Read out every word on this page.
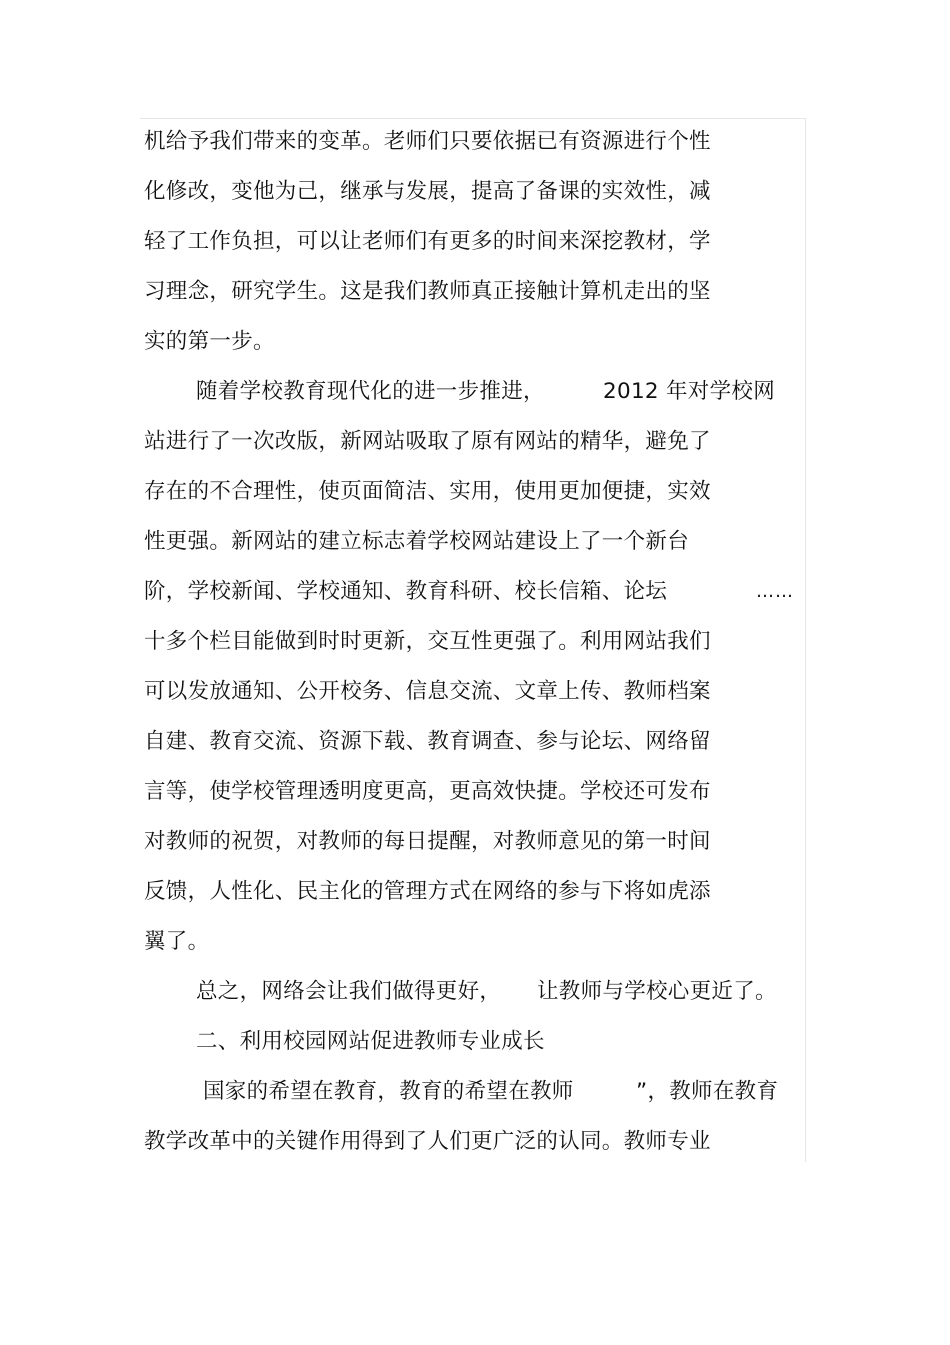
机给予我们带来的变革。老师们只要依据已有资源进行个性
化修改，变他为己，继承与发展，提高了备课的实效性，减
轻了工作负担，可以让老师们有更多的时间来深挖教材，学
习理念，研究学生。这是我们教师真正接触计算机走出的坚
实的第一步。

随着学校教育现代化的进一步推进，

	2012

年对学校网

站进行了一次改版，新网站吸取了原有网站的精华，避免了
存在的不合理性，使页面简洁、实用，使用更加便捷，实效
性更强。新网站的建立标志着学校网站建设上了一个新台
阶，学校新闻、学校通知、教育科研、校长信箱、论坛	……
十多个栏目能做到时时更新，交互性更强了。利用网站我们
可以发放通知、公开校务、信息交流、文章上传、教师档案
自建、教育交流、资源下载、教育调查、参与论坛、网络留
言等，使学校管理透明度更高，更高效快捷。学校还可发布
对教师的祝贺，对教师的每日提醒，对教师意见的第一时间
反馈，人性化、民主化的管理方式在网络的参与下将如虎添
翼了。

总之，网络会让我们做得更好，

让教师与学校心更近了。

二、利用校园网站促进教师专业成长

国家的希望在教育，教育的希望在教师

	”，教师在教育

教学改革中的关键作用得到了人们更广泛的认同。教师专业
